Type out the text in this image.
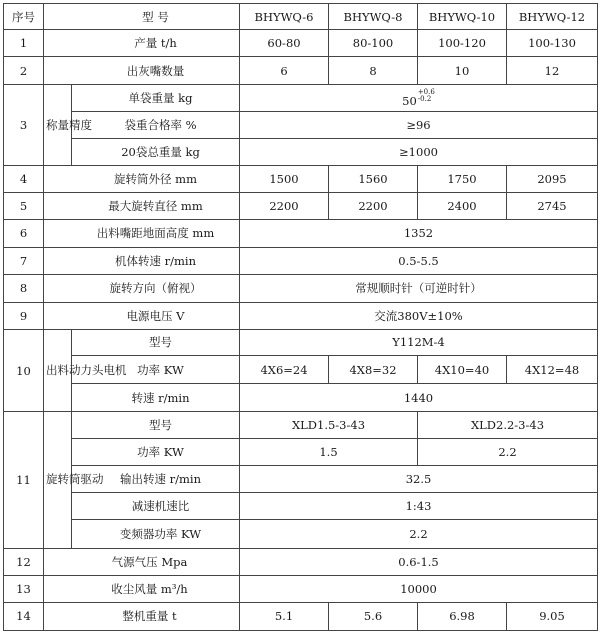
序号	型 号		BHYWQ-6	BHYWQ-8	BHYWQ-10	BHYWQ-12
1	产量 t/h		60-80	80-100	100-120	100-130
2	出灰嘴数量		6	8	10	12
3	称量精度	单袋重量 kg	$50^{+0.6 -0.2}$
		袋重合格率 %	≥96			
		20袋总重量 kg	≥1000			
4	旋转筒外径 mm		1500	1560	1750	2095
5	最大旋转直径 mm		2200	2200	2400	2745
6	出料嘴距地面高度 mm		1352			
7	机体转速 r/min		0.5-5.5			
8	旋转方向（俯视）		常规顺时针（可逆时针）			
9	电源电压 V		交流380V±10%			
10	出料动力头电机	型号	Y112M-4			
		功率 KW	4X6=24	4X8=32	4X10=40	4X12=48
		转速 r/min	1440			
11	旋转筒驱动	型号	XLD1.5-3-43		XLD2.2-3-43	
		功率 KW	1.5		2.2	
		输出转速 r/min	32.5			
		减速机速比	1:43			
		变频器功率 KW	2.2			
12	气源气压 Mpa		0.6-1.5			
13	收尘风量 m³/h		10000			
14	整机重量 t		5.1	5.6	6.98	9.05
